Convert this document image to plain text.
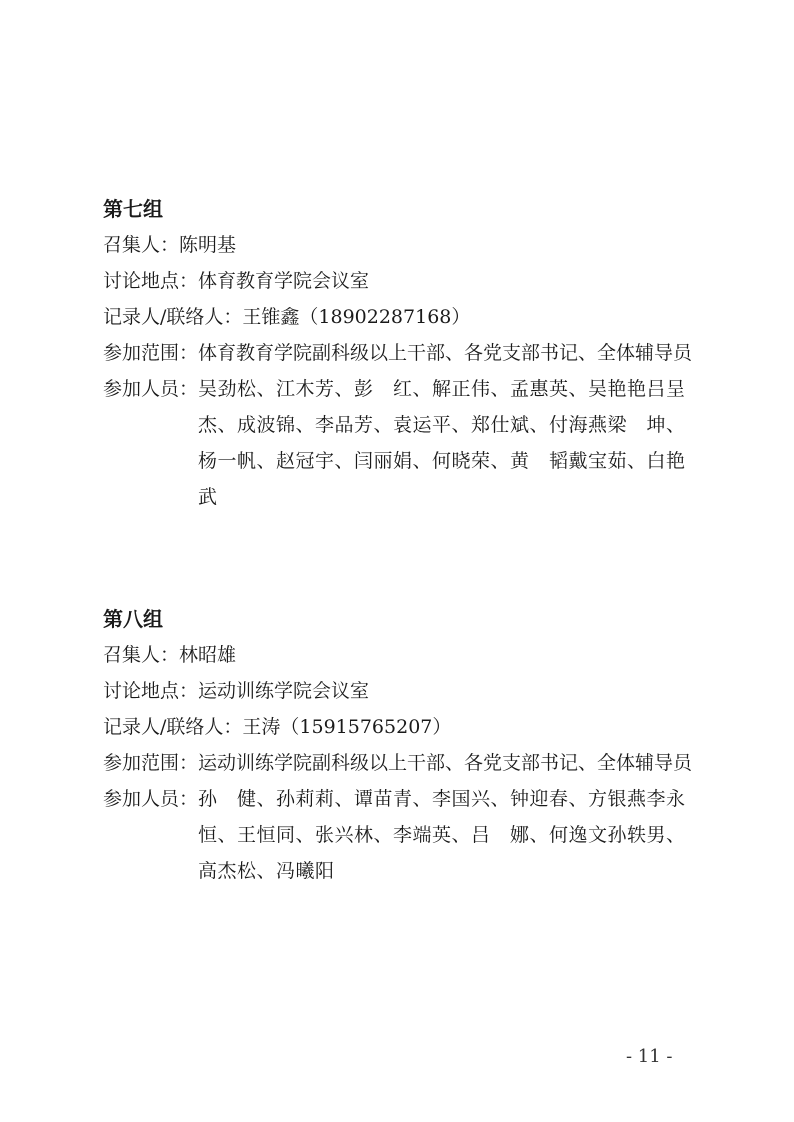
第七组
召集人：陈明基
讨论地点：体育教育学院会议室
记录人/联络人：王锥鑫（18902287168）
参加范围：体育教育学院副科级以上干部、各党支部书记、全体辅导员
参加人员： 吴劲松、江木芳、彭　红、解正伟、孟惠英、吴艳艳吕呈杰、成波锦、李品芳、袁运平、郑仕斌、付海燕梁　坤、杨一帆、赵冠宇、闫丽娟、何晓荣、黄　韬戴宝茹、白艳武
第八组
召集人：林昭雄
讨论地点：运动训练学院会议室
记录人/联络人：王涛（15915765207）
参加范围：运动训练学院副科级以上干部、各党支部书记、全体辅导员
参加人员： 孙　健、孙莉莉、谭苗青、李国兴、钟迎春、方银燕李永恒、王恒同、张兴林、李端英、吕　娜、何逸文孙轶男、高杰松、冯曦阳
- 11 -
